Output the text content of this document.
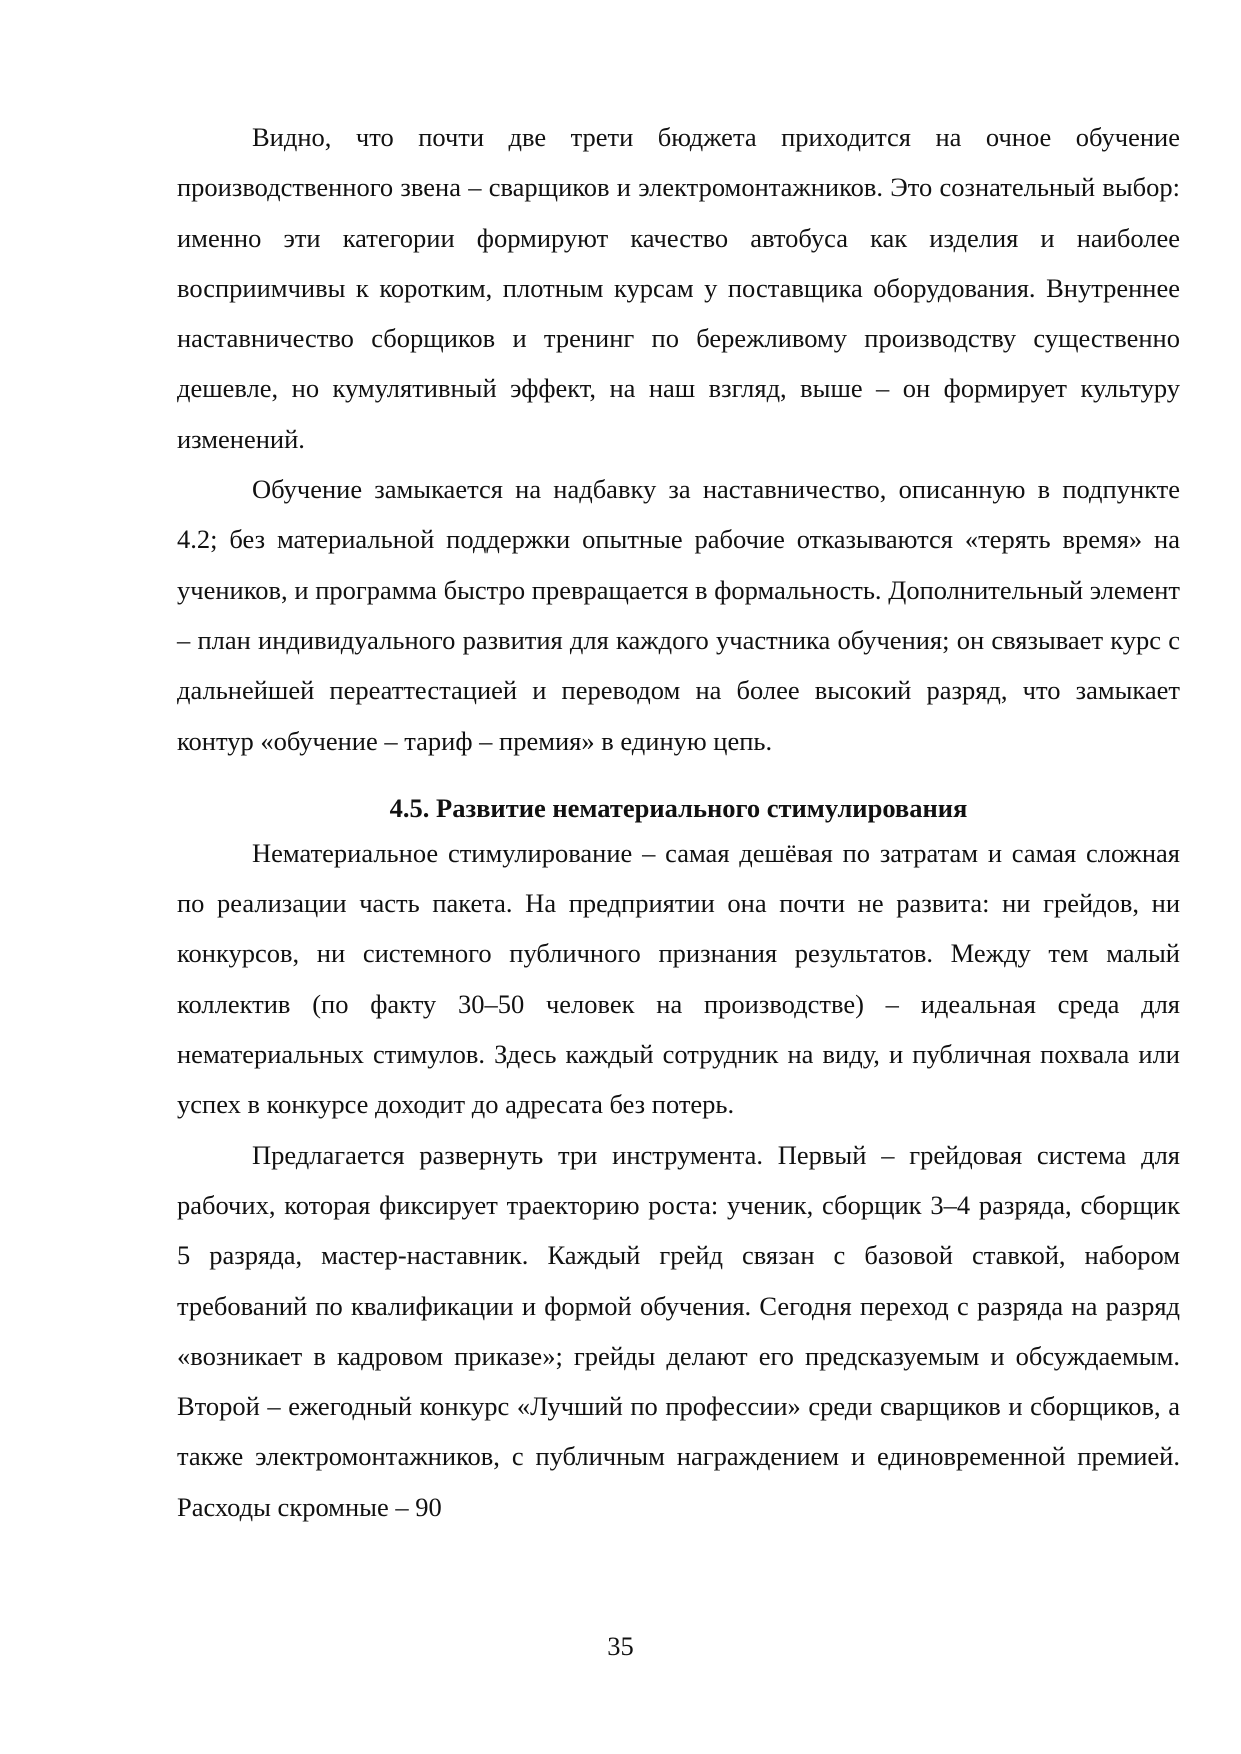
Видно, что почти две трети бюджета приходится на очное обучение производственного звена – сварщиков и электромонтажников. Это сознательный выбор: именно эти категории формируют качество автобуса как изделия и наиболее восприимчивы к коротким, плотным курсам у поставщика оборудования. Внутреннее наставничество сборщиков и тренинг по бережливому производству существенно дешевле, но кумулятивный эффект, на наш взгляд, выше – он формирует культуру изменений.

Обучение замыкается на надбавку за наставничество, описанную в подпункте 4.2; без материальной поддержки опытные рабочие отказываются «терять время» на учеников, и программа быстро превращается в формальность. Дополнительный элемент – план индивидуального развития для каждого участника обучения; он связывает курс с дальнейшей переаттестацией и переводом на более высокий разряд, что замыкает контур «обучение – тариф – премия» в единую цепь.

4.5. Развитие нематериального стимулирования

Нематериальное стимулирование – самая дешёвая по затратам и самая сложная по реализации часть пакета. На предприятии она почти не развита: ни грейдов, ни конкурсов, ни системного публичного признания результатов. Между тем малый коллектив (по факту 30–50 человек на производстве) – идеальная среда для нематериальных стимулов. Здесь каждый сотрудник на виду, и публичная похвала или успех в конкурсе доходит до адресата без потерь.

Предлагается развернуть три инструмента. Первый – грейдовая система для рабочих, которая фиксирует траекторию роста: ученик, сборщик 3–4 разряда, сборщик 5 разряда, мастер-наставник. Каждый грейд связан с базовой ставкой, набором требований по квалификации и формой обучения. Сегодня переход с разряда на разряд «возникает в кадровом приказе»; грейды делают его предсказуемым и обсуждаемым. Второй – ежегодный конкурс «Лучший по профессии» среди сварщиков и сборщиков, а также электромонтажников, с публичным награждением и единовременной премией. Расходы скромные – 90

35
